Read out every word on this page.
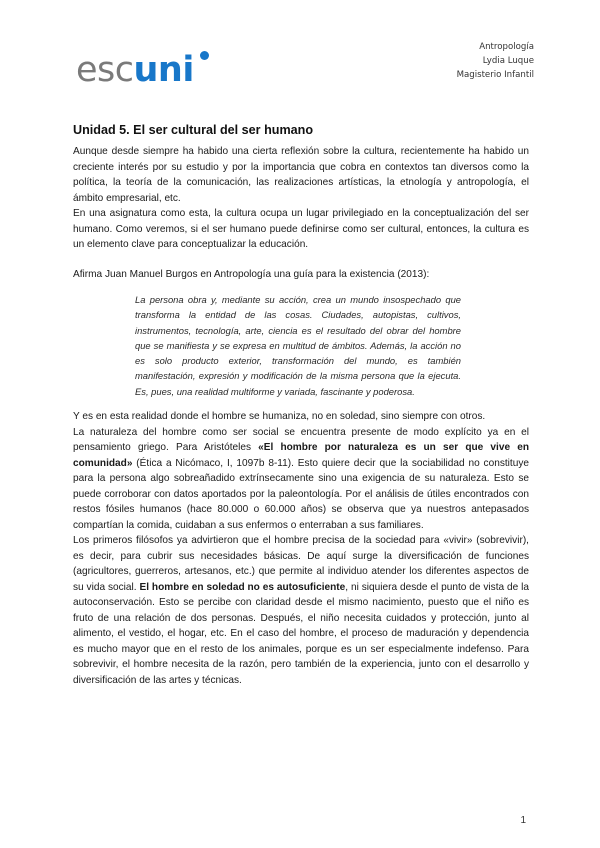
Antropología
Lydia Luque
Magisterio Infantil
escuni
Unidad 5. El ser cultural del ser humano

Aunque desde siempre ha habido una cierta reflexión sobre la cultura, recientemente ha habido un creciente interés por su estudio y por la importancia que cobra en contextos tan diversos como la política, la teoría de la comunicación, las realizaciones artísticas, la etnología y antropología, el ámbito empresarial, etc.

En una asignatura como esta, la cultura ocupa un lugar privilegiado en la conceptualización del ser humano. Como veremos, si el ser humano puede definirse como ser cultural, entonces, la cultura es un elemento clave para conceptualizar la educación.

Afirma Juan Manuel Burgos en Antropología una guía para la existencia (2013):

La persona obra y, mediante su acción, crea un mundo insospechado que transforma la entidad de las cosas. Ciudades, autopistas, cultivos, instrumentos, tecnología, arte, ciencia es el resultado del obrar del hombre que se manifiesta y se expresa en multitud de ámbitos. Además, la acción no es solo producto exterior, transformación del mundo, es también manifestación, expresión y modificación de la misma persona que la ejecuta. Es, pues, una realidad multiforme y variada, fascinante y poderosa.

Y es en esta realidad donde el hombre se humaniza, no en soledad, sino siempre con otros.

La naturaleza del hombre como ser social se encuentra presente de modo explícito ya en el pensamiento griego. Para Aristóteles «El hombre por naturaleza es un ser que vive en comunidad» (Ética a Nicómaco, I, 1097b 8-11). Esto quiere decir que la sociabilidad no constituye para la persona algo sobreañadido extrínsecamente sino una exigencia de su naturaleza. Esto se puede corroborar con datos aportados por la paleontología. Por el análisis de útiles encontrados con restos fósiles humanos (hace 80.000 o 60.000 años) se observa que ya nuestros antepasados compartían la comida, cuidaban a sus enfermos o enterraban a sus familiares.

Los primeros filósofos ya advirtieron que el hombre precisa de la sociedad para «vivir» (sobrevivir), es decir, para cubrir sus necesidades básicas. De aquí surge la diversificación de funciones (agricultores, guerreros, artesanos, etc.) que permite al individuo atender los diferentes aspectos de su vida social. El hombre en soledad no es autosuficiente, ni siquiera desde el punto de vista de la autoconservación. Esto se percibe con claridad desde el mismo nacimiento, puesto que el niño es fruto de una relación de dos personas. Después, el niño necesita cuidados y protección, junto al alimento, el vestido, el hogar, etc. En el caso del hombre, el proceso de maduración y dependencia es mucho mayor que en el resto de los animales, porque es un ser especialmente indefenso. Para sobrevivir, el hombre necesita de la razón, pero también de la experiencia, junto con el desarrollo y diversificación de las artes y técnicas.

1
